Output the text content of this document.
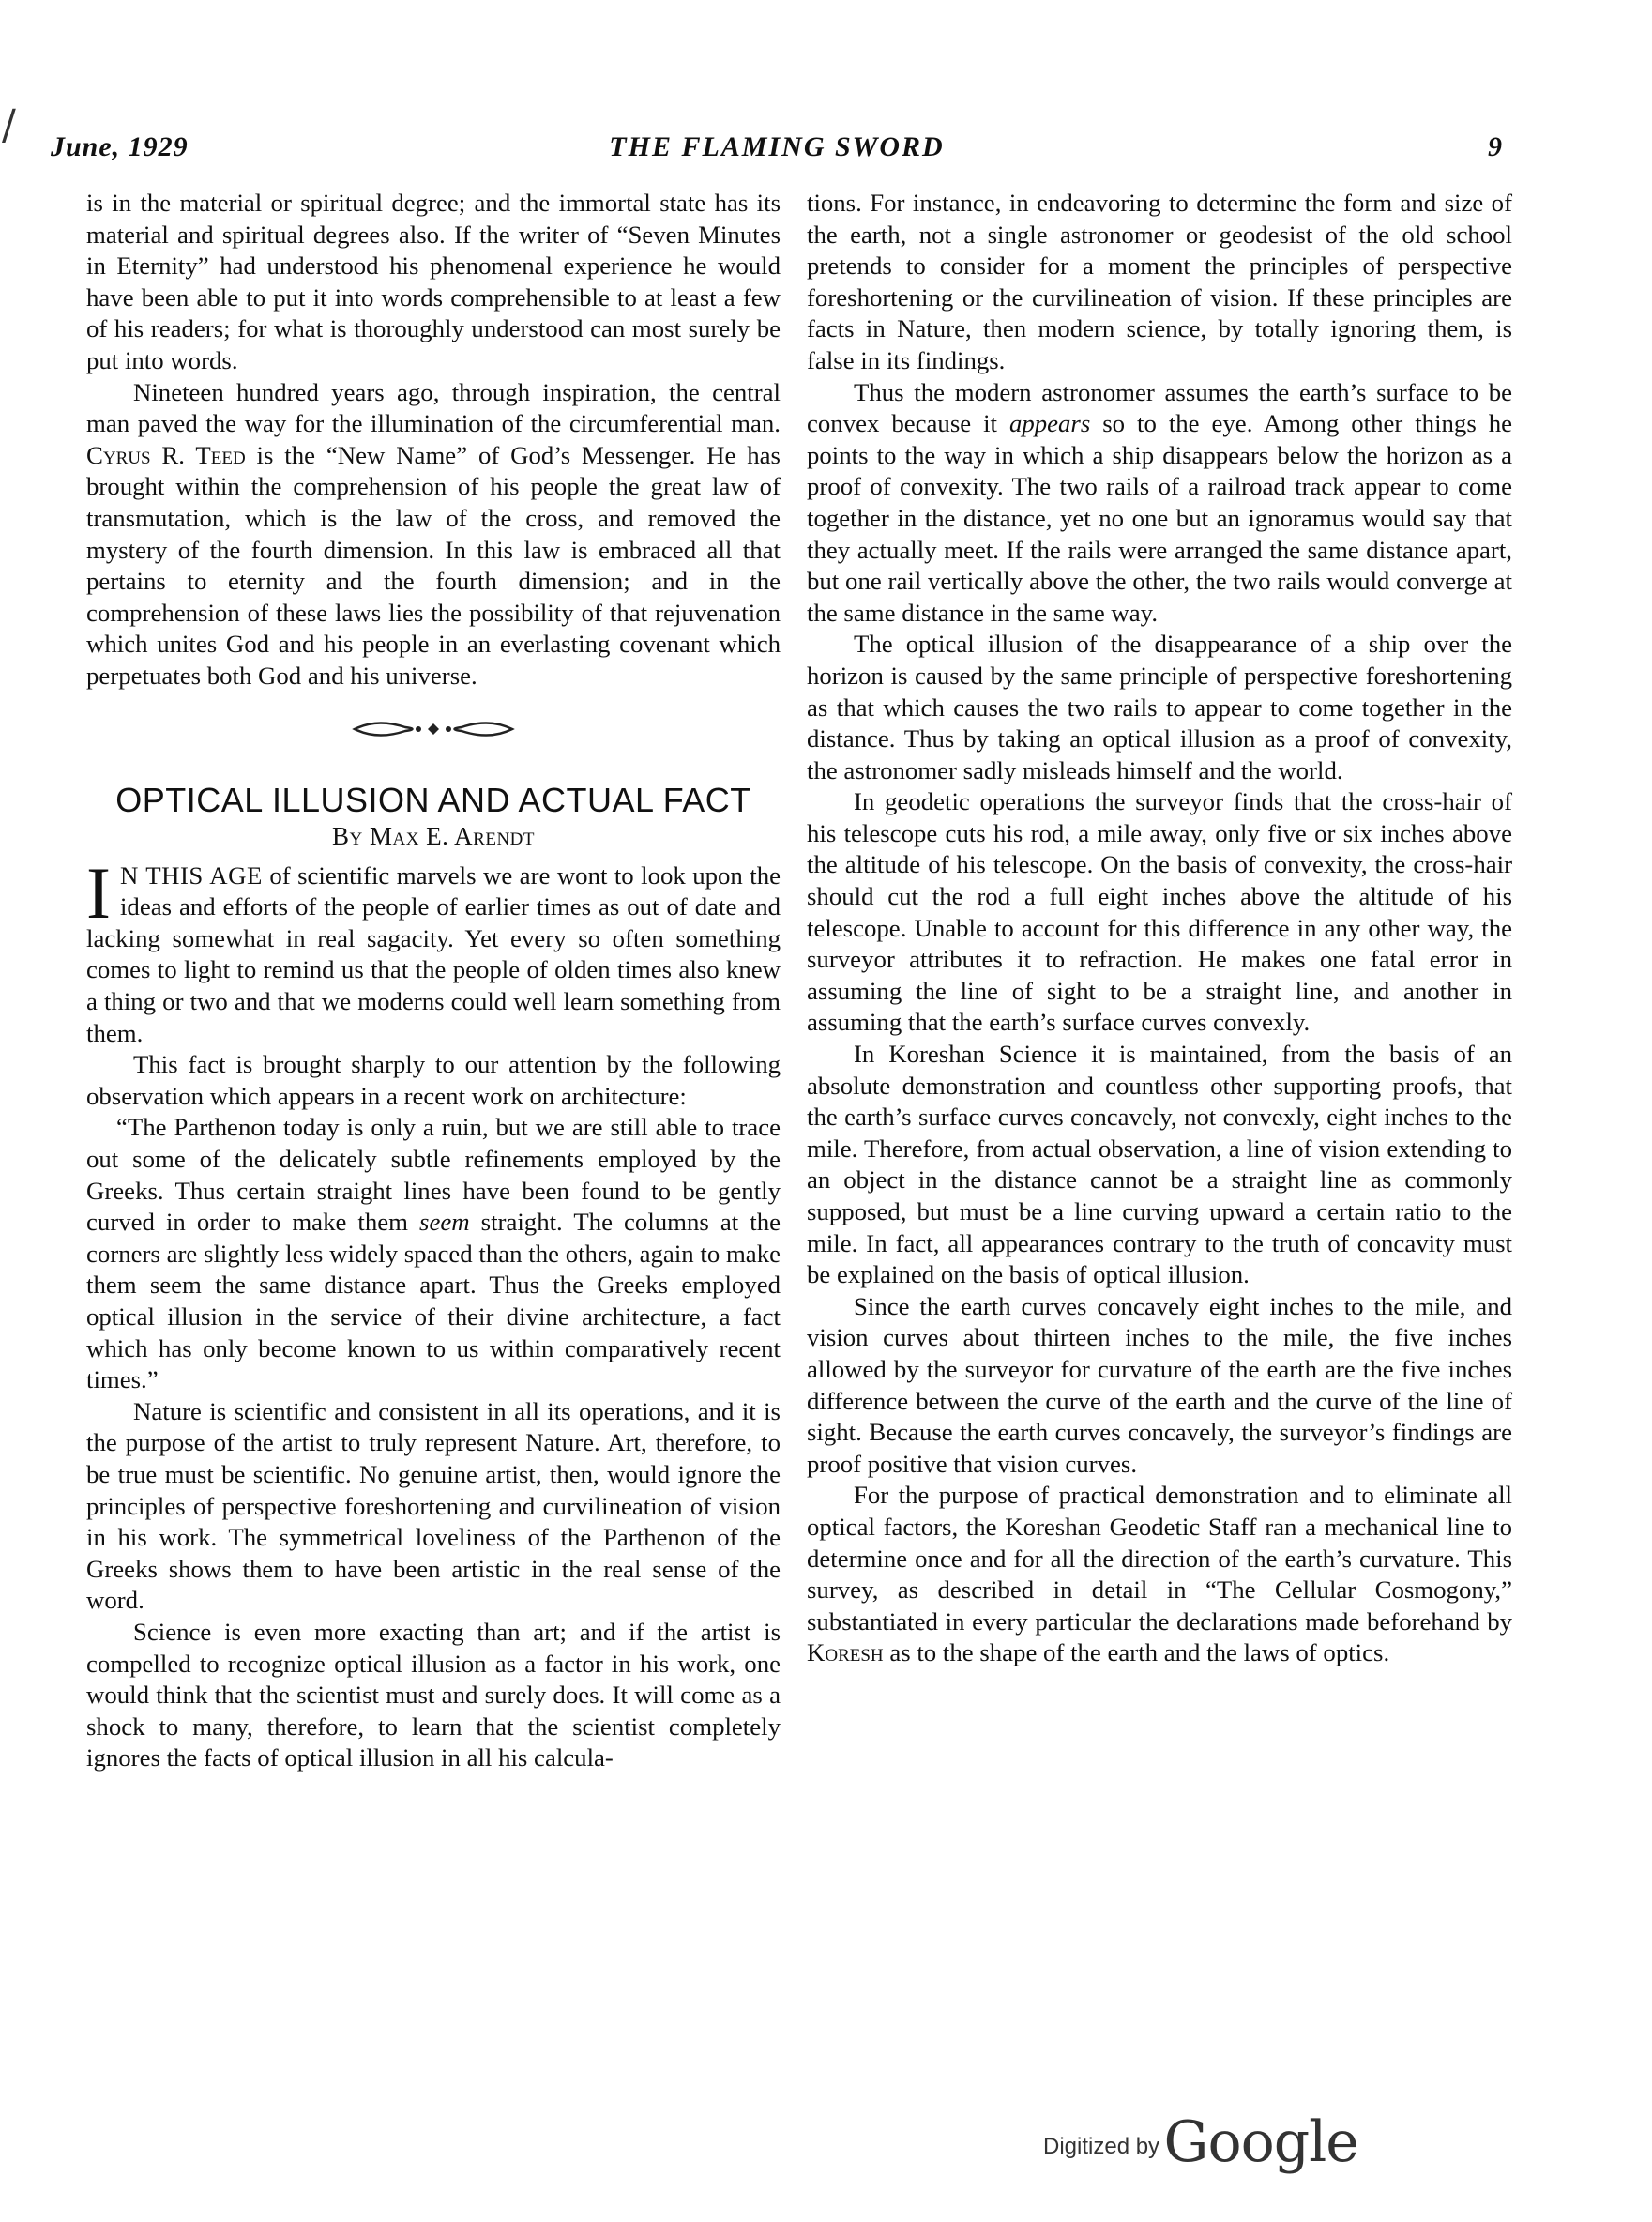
/ June, 1929	THE FLAMING SWORD	9

is in the material or spiritual degree; and the immortal state has its material and spiritual degrees also. If the writer of “Seven Minutes in Eternity” had understood his phenomenal experience he would have been able to put it into words comprehensible to at least a few of his readers; for what is thoroughly understood can most surely be put into words.

Nineteen hundred years ago, through inspiration, the central man paved the way for the illumination of the circumferential man. Cyrus R. Teed is the “New Name” of God’s Messenger. He has brought within the comprehension of his people the great law of transmutation, which is the law of the cross, and removed the mystery of the fourth dimension. In this law is embraced all that pertains to eternity and the fourth dimension; and in the comprehension of these laws lies the possibility of that rejuvenation which unites God and his people in an everlasting covenant which perpetuates both God and his universe.

OPTICAL ILLUSION AND ACTUAL FACT
By Max E. Arendt

I N THIS AGE of scientific marvels we are wont to look upon the ideas and efforts of the people of earlier times as out of date and lacking somewhat in real sagacity. Yet every so often something comes to light to remind us that the people of olden times also knew a thing or two and that we moderns could well learn something from them.

This fact is brought sharply to our attention by the following observation which appears in a recent work on architecture:

“The Parthenon today is only a ruin, but we are still able to trace out some of the delicately subtle refinements employed by the Greeks. Thus certain straight lines have been found to be gently curved in order to make them seem straight. The columns at the corners are slightly less widely spaced than the others, again to make them seem the same distance apart. Thus the Greeks employed optical illusion in the service of their divine architecture, a fact which has only become known to us within comparatively recent times.”

Nature is scientific and consistent in all its operations, and it is the purpose of the artist to truly represent Nature. Art, therefore, to be true must be scientific. No genuine artist, then, would ignore the principles of perspective foreshortening and curvilineation of vision in his work. The symmetrical loveliness of the Parthenon of the Greeks shows them to have been artistic in the real sense of the word.

Science is even more exacting than art; and if the artist is compelled to recognize optical illusion as a factor in his work, one would think that the scientist must and surely does. It will come as a shock to many, therefore, to learn that the scientist completely ignores the facts of optical illusion in all his calcula-

tions. For instance, in endeavoring to determine the form and size of the earth, not a single astronomer or geodesist of the old school pretends to consider for a moment the principles of perspective foreshortening or the curvilineation of vision. If these principles are facts in Nature, then modern science, by totally ignoring them, is false in its findings.

Thus the modern astronomer assumes the earth’s surface to be convex because it appears so to the eye. Among other things he points to the way in which a ship disappears below the horizon as a proof of convexity. The two rails of a railroad track appear to come together in the distance, yet no one but an ignoramus would say that they actually meet. If the rails were arranged the same distance apart, but one rail vertically above the other, the two rails would converge at the same distance in the same way.

The optical illusion of the disappearance of a ship over the horizon is caused by the same principle of perspective foreshortening as that which causes the two rails to appear to come together in the distance. Thus by taking an optical illusion as a proof of convexity, the astronomer sadly misleads himself and the world.

In geodetic operations the surveyor finds that the cross-hair of his telescope cuts his rod, a mile away, only five or six inches above the altitude of his telescope. On the basis of convexity, the cross-hair should cut the rod a full eight inches above the altitude of his telescope. Unable to account for this difference in any other way, the surveyor attributes it to refraction. He makes one fatal error in assuming the line of sight to be a straight line, and another in assuming that the earth’s surface curves convexly.

In Koreshan Science it is maintained, from the basis of an absolute demonstration and countless other supporting proofs, that the earth’s surface curves concavely, not convexly, eight inches to the mile. Therefore, from actual observation, a line of vision extending to an object in the distance cannot be a straight line as commonly supposed, but must be a line curving upward a certain ratio to the mile. In fact, all appearances contrary to the truth of concavity must be explained on the basis of optical illusion.

Since the earth curves concavely eight inches to the mile, and vision curves about thirteen inches to the mile, the five inches allowed by the surveyor for curvature of the earth are the five inches difference between the curve of the earth and the curve of the line of sight. Because the earth curves concavely, the surveyor’s findings are proof positive that vision curves.

For the purpose of practical demonstration and to eliminate all optical factors, the Koreshan Geodetic Staff ran a mechanical line to determine once and for all the direction of the earth’s curvature. This survey, as described in detail in “The Cellular Cosmogony,” substantiated in every particular the declarations made beforehand by Koresh as to the shape of the earth and the laws of optics.

Digitized by Google
